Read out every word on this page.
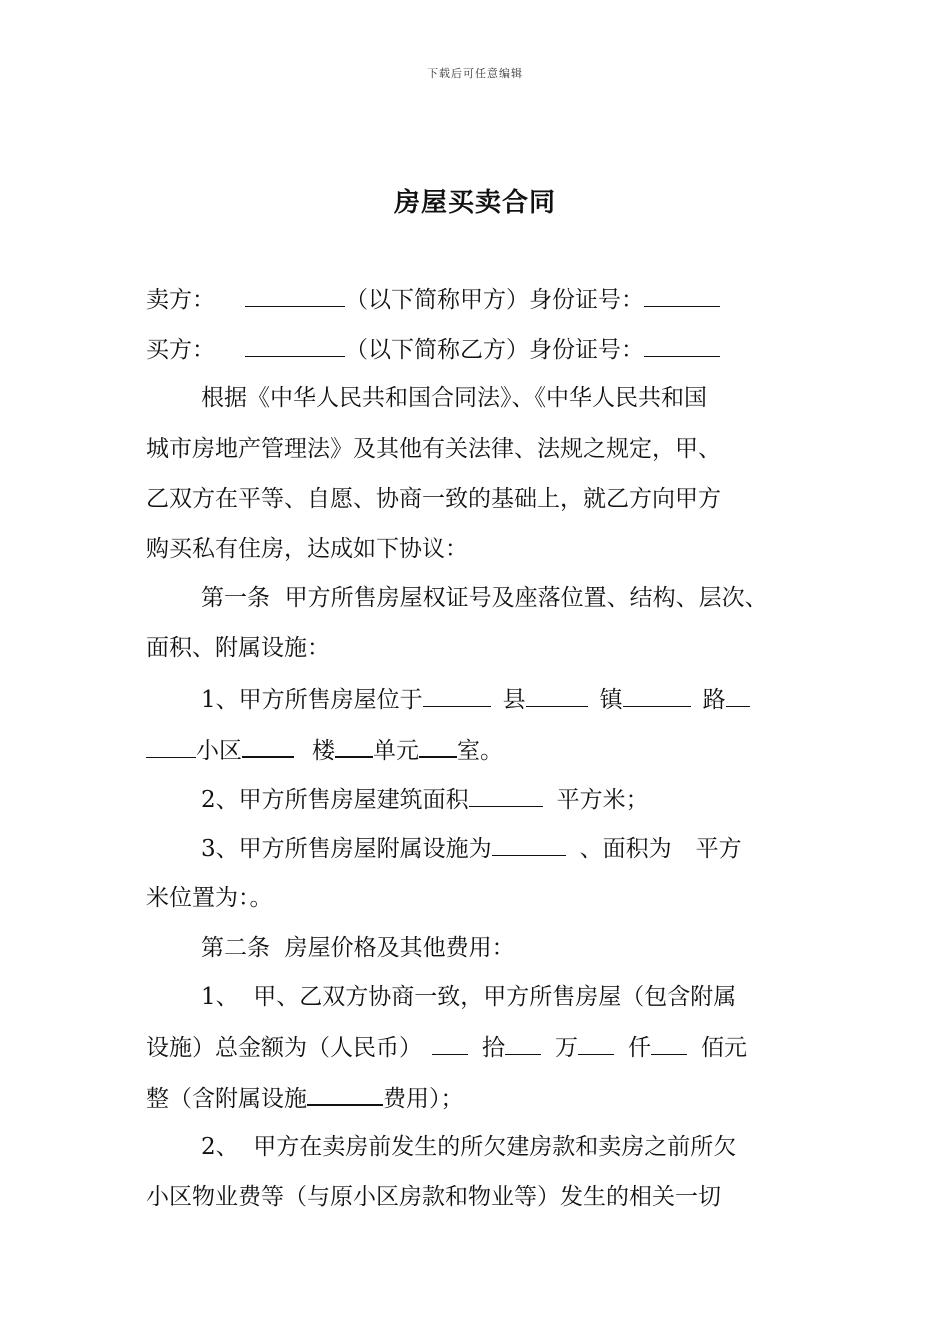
下载后可任意编辑
房屋买卖合同
卖方：	（以下简称甲方）身份证号：
买方：	（以下简称乙方）身份证号：
根据《中华人民共和国合同法》、《中华人民共和国
城市房地产管理法》及其他有关法律、法规之规定，甲、
乙双方在平等、自愿、协商一致的基础上，就乙方向甲方
购买私有住房，达成如下协议：
第一条  甲方所售房屋权证号及座落位置、结构、层次、
面积、附属设施：
1、甲方所售房屋位于	县	镇	路
小区	楼 单元 室。
2、甲方所售房屋建筑面积	平方米；
3、甲方所售房屋附属设施为	、面积为 平方
米位置为：。
第二条  房屋价格及其他费用：
1、  甲、乙双方协商一致，甲方所售房屋（包含附属
设施）总金额为（人民币）	拾 万 仟 佰元
整（含附属设施	费用）；
2、  甲方在卖房前发生的所欠建房款和卖房之前所欠
小区物业费等（与原小区房款和物业等）发生的相关一切
